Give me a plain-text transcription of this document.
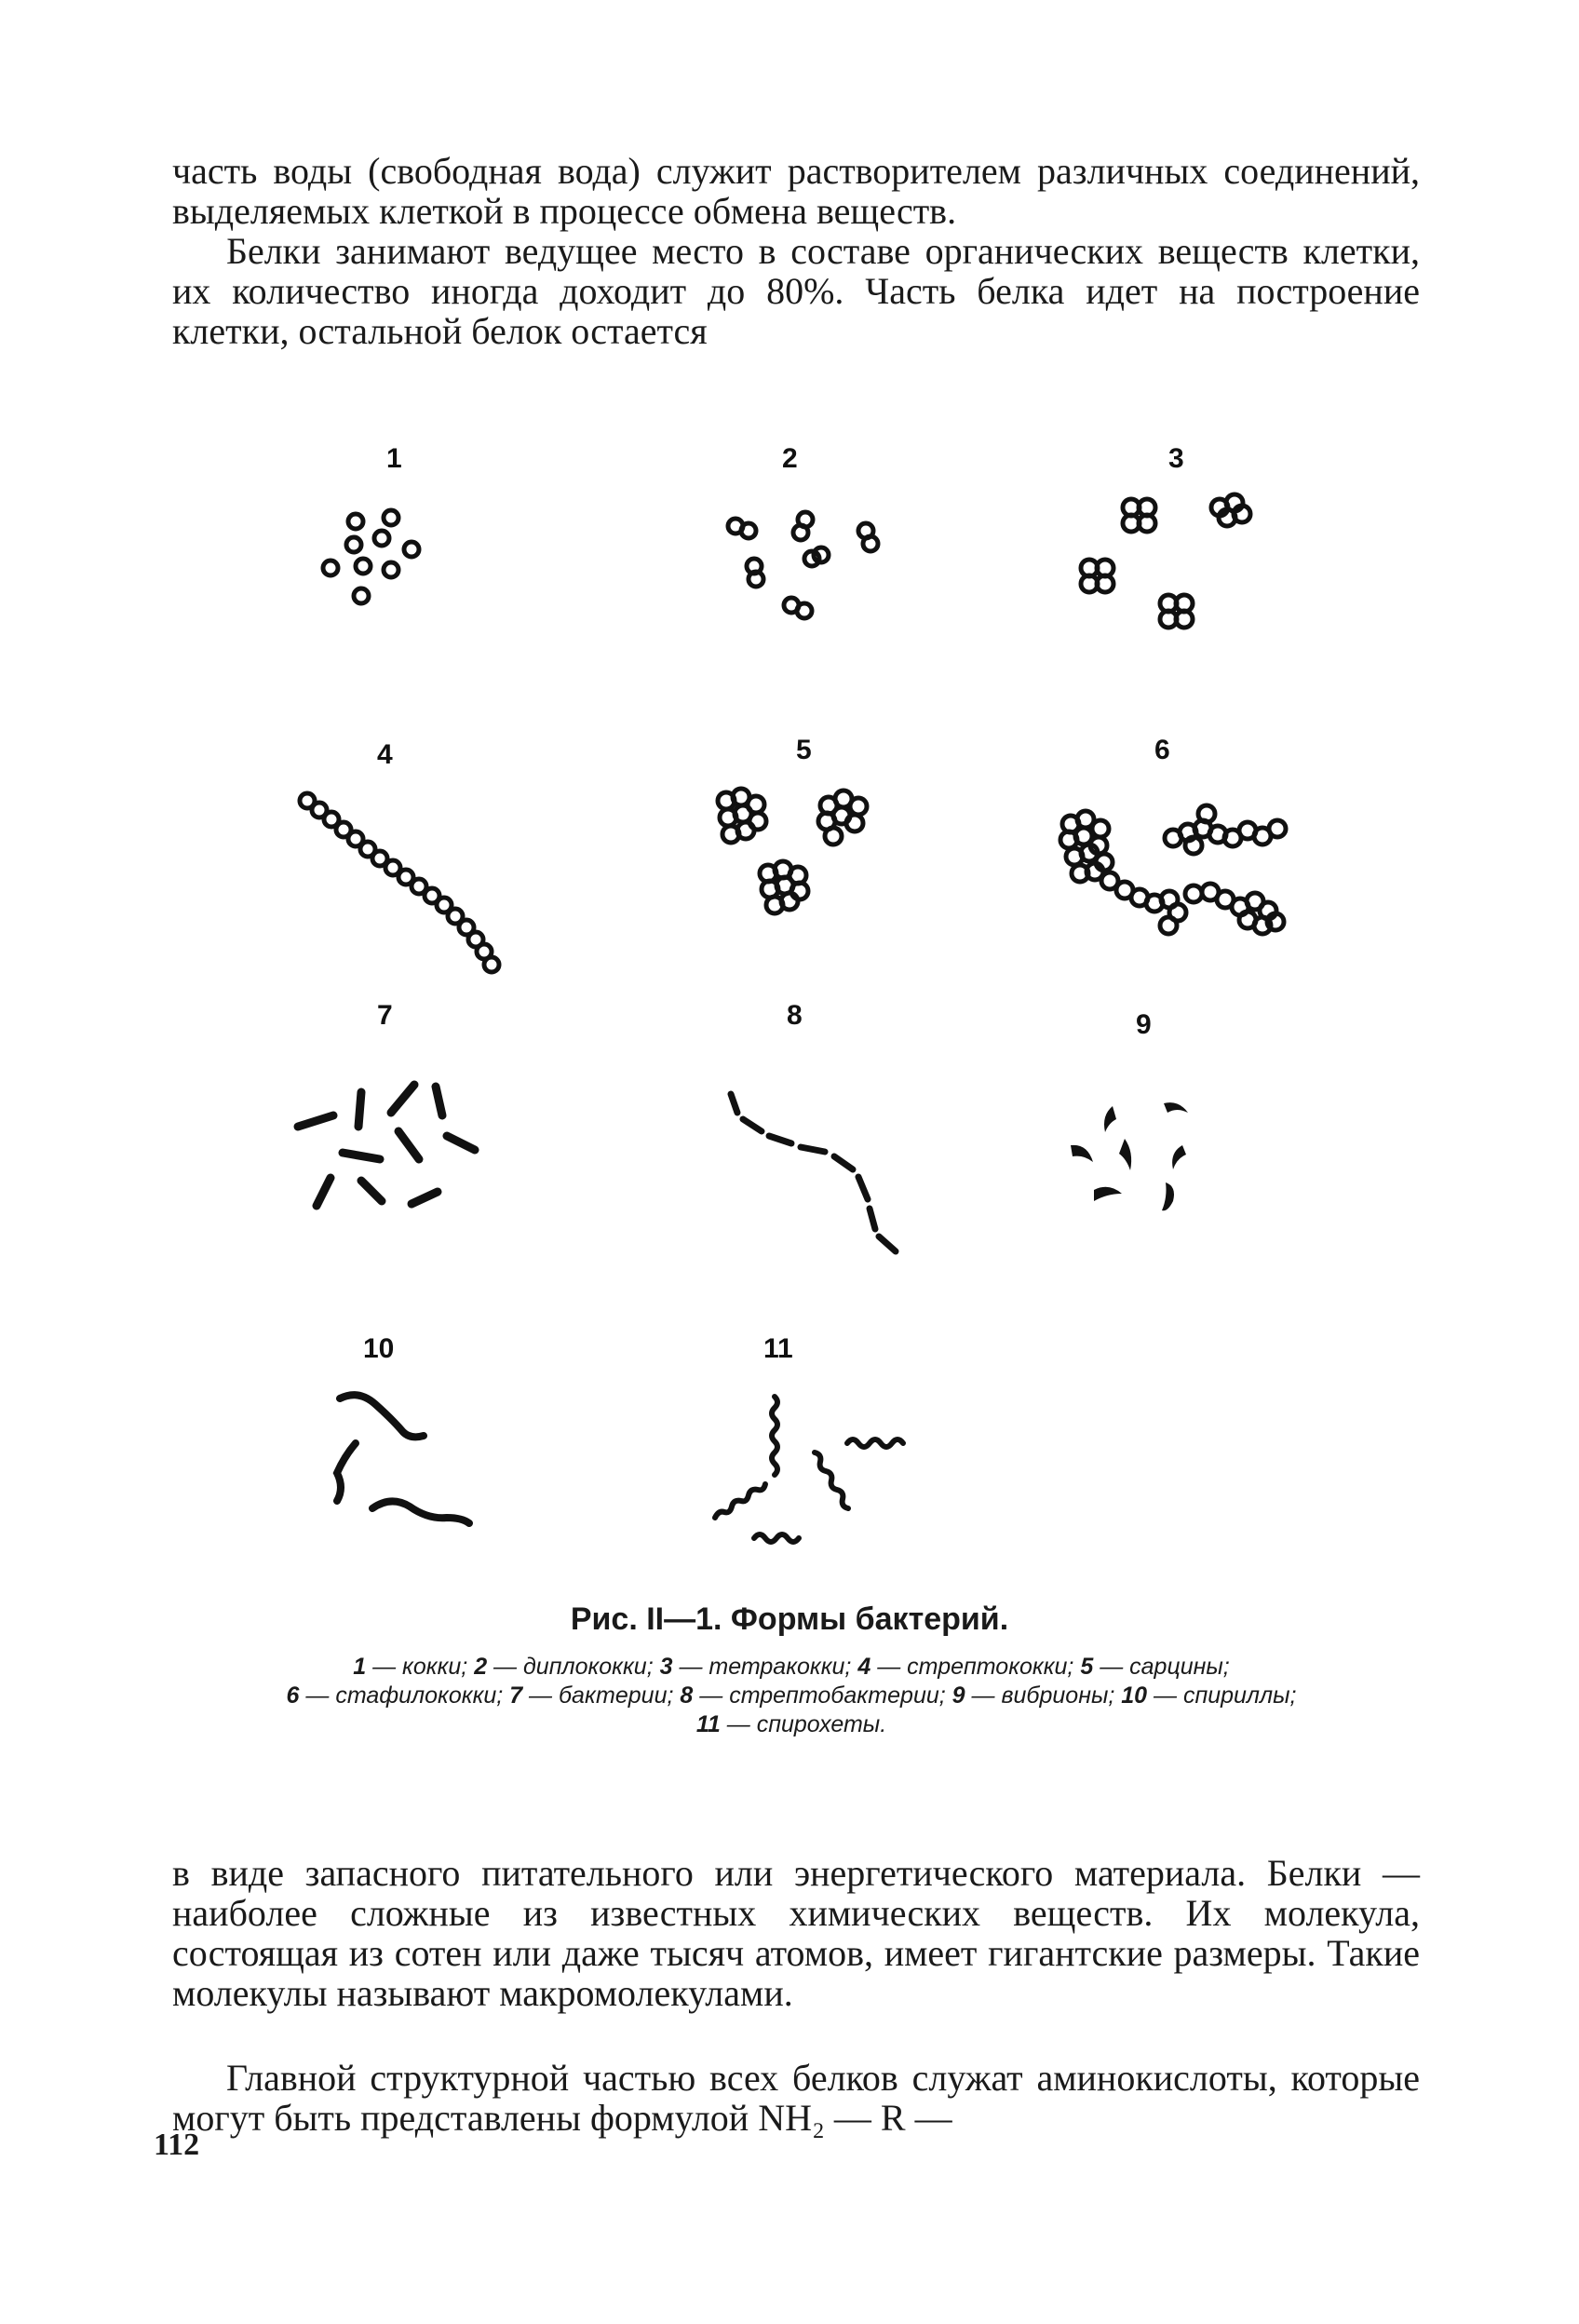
часть воды (свободная вода) служит растворителем различных соединений, выделяемых клеткой в процессе обмена веществ.
Белки занимают ведущее место в составе органических веществ клетки, их количество иногда доходит до 80%. Часть белка идет на построение клетки, остальной белок остается
1	2	3
4	5	6
7	8	9
10	11
Рис. II—1. Формы бактерий.
1 — кокки; 2 — диплококки; 3 — тетракокки; 4 — стрептококки; 5 — сарцины; 6 — стафилококки; 7 — бактерии; 8 — стрептобактерии; 9 — вибрионы; 10 — спириллы; 11 — спирохеты.
в виде запасного питательного или энергетического материала. Белки — наиболее сложные из известных химических веществ. Их молекула, состоящая из сотен или даже тысяч атомов, имеет гигантские размеры. Такие молекулы называют макромолекулами.
Главной структурной частью всех белков служат аминокислоты, которые могут быть представлены формулой NH₂ — R —
112
